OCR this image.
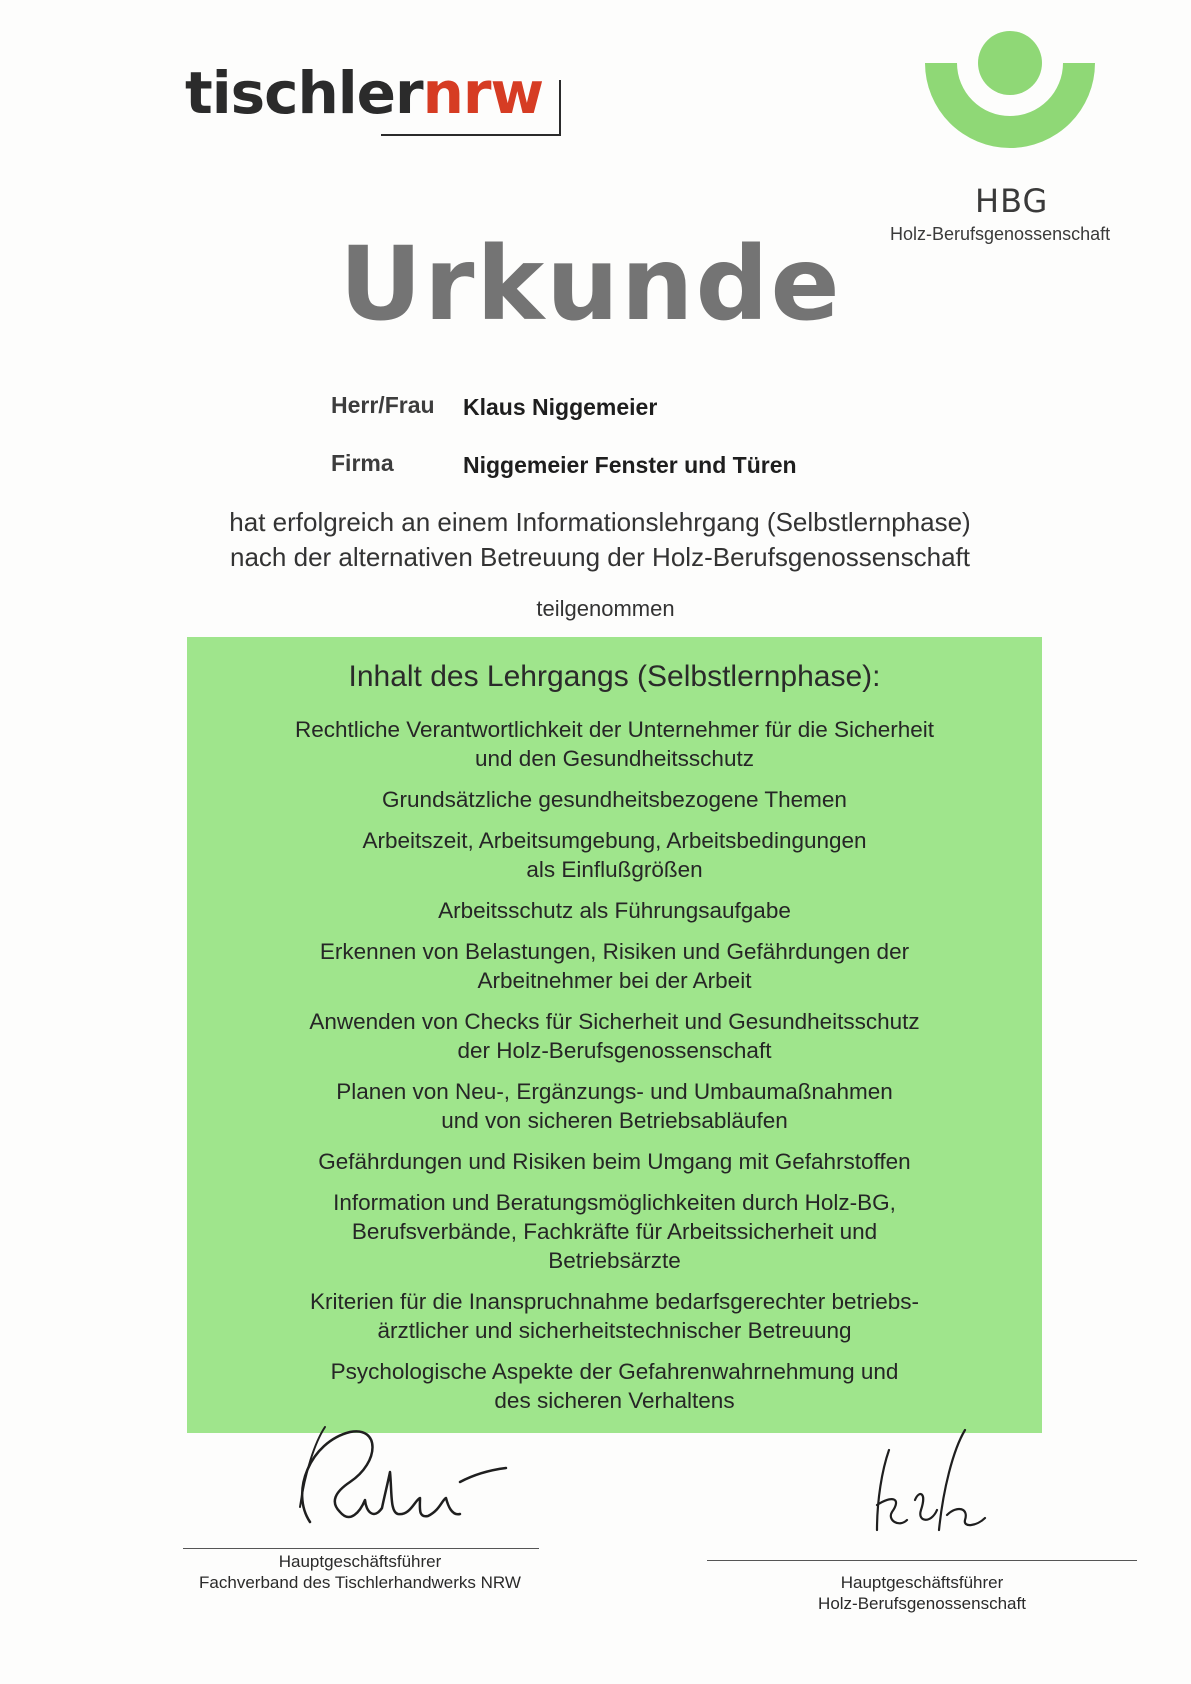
tischlernrw
HBG
Holz-Berufsgenossenschaft
Urkunde
Herr/Frau Klaus Niggemeier
Firma	Niggemeier Fenster und Türen
hat erfolgreich an einem Informationslehrgang (Selbstlernphase)
nach der alternativen Betreuung der Holz-Berufsgenossenschaft
teilgenommen
Inhalt des Lehrgangs (Selbstlernphase):
Rechtliche Verantwortlichkeit der Unternehmer für die Sicherheit
und den Gesundheitsschutz
Grundsätzliche gesundheitsbezogene Themen
Arbeitszeit, Arbeitsumgebung, Arbeitsbedingungen
als Einflußgrößen
Arbeitsschutz als Führungsaufgabe
Erkennen von Belastungen, Risiken und Gefährdungen der
Arbeitnehmer bei der Arbeit
Anwenden von Checks für Sicherheit und Gesundheitsschutz
der Holz-Berufsgenossenschaft
Planen von Neu-, Ergänzungs- und Umbaumaßnahmen
und von sicheren Betriebsabläufen
Gefährdungen und Risiken beim Umgang mit Gefahrstoffen
Information und Beratungsmöglichkeiten durch Holz-BG,
Berufsverbände, Fachkräfte für Arbeitssicherheit und
Betriebsärzte
Kriterien für die Inanspruchnahme bedarfsgerechter betriebs-
ärztlicher und sicherheitstechnischer Betreuung
Psychologische Aspekte der Gefahrenwahrnehmung und
des sicheren Verhaltens
Hauptgeschäftsführer
Fachverband des Tischlerhandwerks NRW	Hauptgeschäftsführer
Holz-Berufsgenossenschaft
